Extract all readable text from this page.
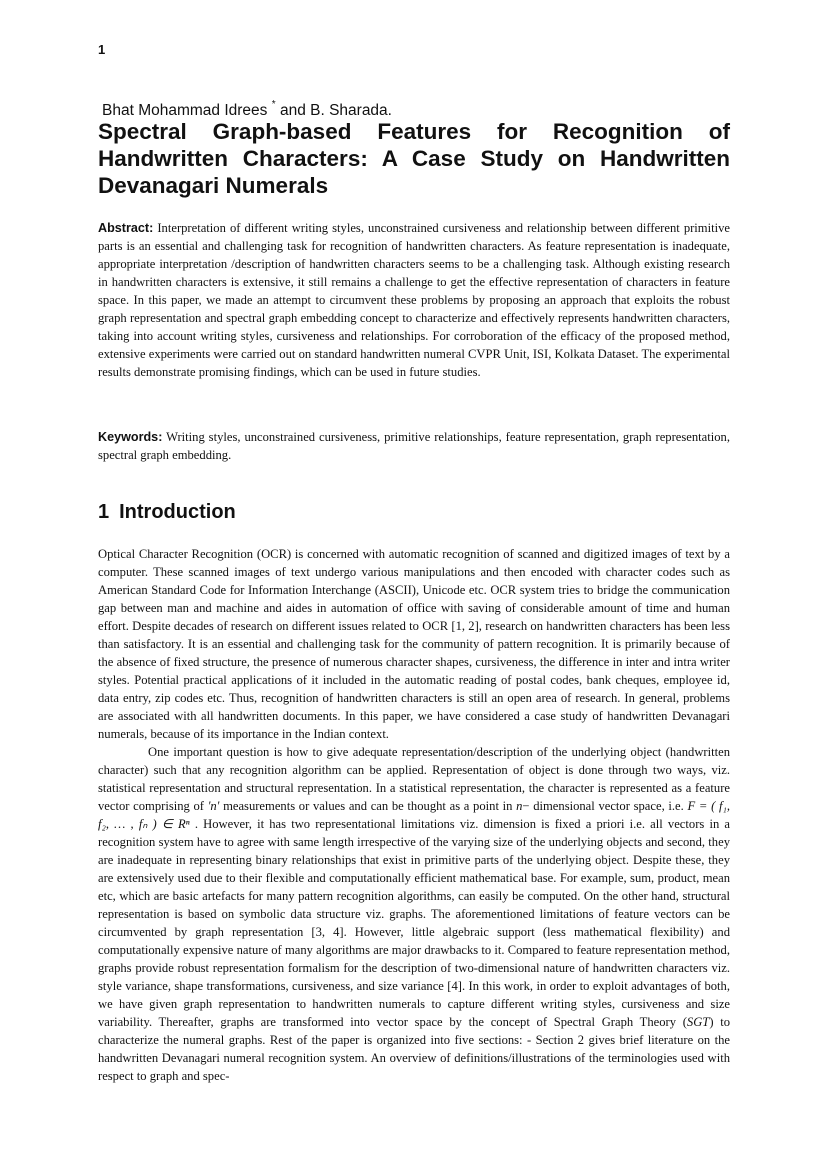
1
Bhat Mohammad Idrees * and B. Sharada.
Spectral Graph-based Features for Recognition of
Handwritten Characters: A Case Study on Handwritten
Devanagari Numerals

Abstract: Interpretation of different writing styles, unconstrained cursiveness and relationship between different primitive parts is an essential and challenging task for recognition of handwritten characters. As feature representation is inadequate, appropriate interpretation /description of handwritten characters seems to be a challenging task. Although existing research in handwritten characters is extensive, it still remains a challenge to get the effective representation of characters in feature space. In this paper, we made an attempt to circumvent these problems by proposing an approach that exploits the robust graph representation and spectral graph embedding concept to characterize and effectively represents handwritten characters, taking into account writing styles, cursiveness and relationships. For corroboration of the efficacy of the proposed method, extensive experiments were carried out on standard handwritten numeral CVPR Unit, ISI, Kolkata Dataset. The experimental results demonstrate promising findings, which can be used in future studies.

Keywords: Writing styles, unconstrained cursiveness, primitive relationships, feature representation, graph representation, spectral graph embedding.

1 Introduction

Optical Character Recognition (OCR) is concerned with automatic recognition of scanned and digitized images of text by a computer. These scanned images of text undergo various manipulations and then encoded with character codes such as American Standard Code for Information Interchange (ASCII), Unicode etc. OCR system tries to bridge the communication gap between man and machine and aides in automation of office with saving of considerable amount of time and human effort. Despite decades of research on different issues related to OCR [1, 2], research on handwritten characters has been less than satisfactory. It is an essential and challenging task for the community of pattern recognition. It is primarily because of the absence of fixed structure, the presence of numerous character shapes, cursiveness, the difference in inter and intra writer styles. Potential practical applications of it included in the automatic reading of postal codes, bank cheques, employee id, data entry, zip codes etc. Thus, recognition of handwritten characters is still an open area of research. In general, problems are associated with all handwritten documents. In this paper, we have considered a case study of handwritten Devanagari numerals, because of its importance in the Indian context.

One important question is how to give adequate representation/description of the underlying object (handwritten character) such that any recognition algorithm can be applied. Representation of object is done through two ways, viz. statistical representation and structural representation. In a statistical representation, the character is represented as a feature vector comprising of 'n' measurements or values and can be thought as a point in n− dimensional vector space, i.e. F = ( f₁, f₂, … , fₙ ) ∈ Rⁿ . However, it has two representational limitations viz. dimension is fixed a priori i.e. all vectors in a recognition system have to agree with same length irrespective of the varying size of the underlying objects and second, they are inadequate in representing binary relationships that exist in primitive parts of the underlying object. Despite these, they are extensively used due to their flexible and computationally efficient mathematical base. For example, sum, product, mean etc, which are basic artefacts for many pattern recognition algorithms, can easily be computed. On the other hand, structural representation is based on symbolic data structure viz. graphs. The aforementioned limitations of feature vectors can be circumvented by graph representation [3, 4]. However, little algebraic support (less mathematical flexibility) and computationally expensive nature of many algorithms are major drawbacks to it. Compared to feature representation method, graphs provide robust representation formalism for the description of two-dimensional nature of handwritten characters viz. style variance, shape transformations, cursiveness, and size variance [4]. In this work, in order to exploit advantages of both, we have given graph representation to handwritten numerals to capture different writing styles, cursiveness and size variability. Thereafter, graphs are transformed into vector space by the concept of Spectral Graph Theory (SGT) to characterize the numeral graphs. Rest of the paper is organized into five sections: - Section 2 gives brief literature on the handwritten Devanagari numeral recognition system. An overview of definitions/illustrations of the terminologies used with respect to graph and spec-
